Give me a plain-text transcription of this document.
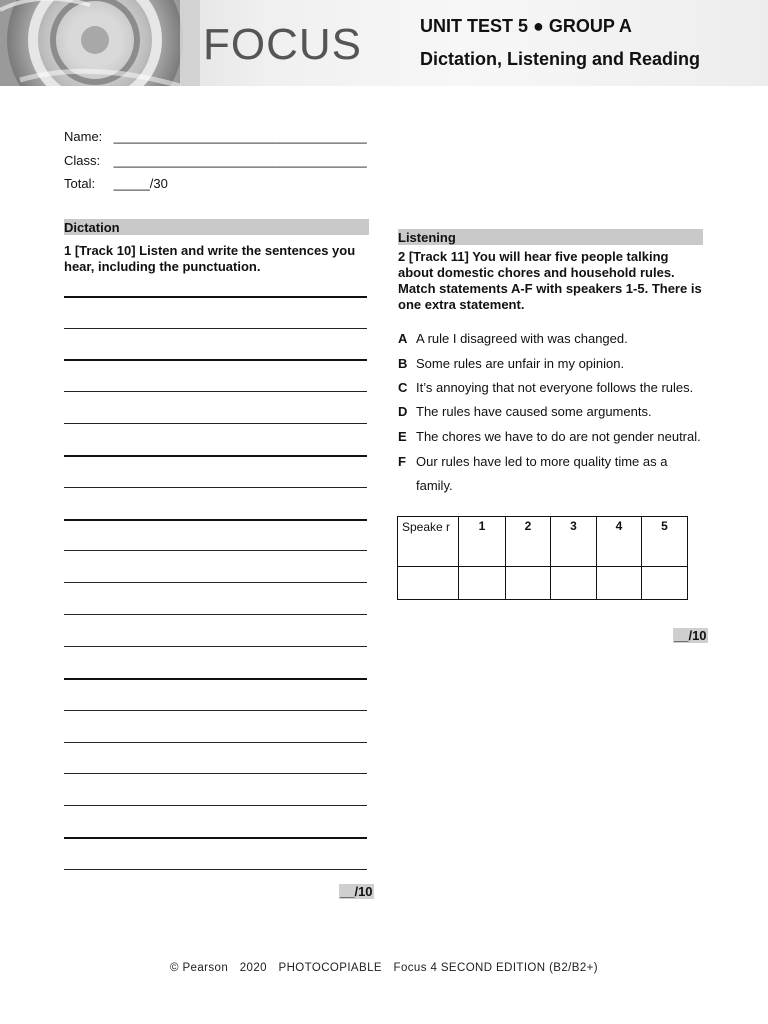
FOCUS	UNIT TEST 5 ● GROUP A
Dictation, Listening and Reading
Name: ___________________________________
Class: ___________________________________
Total: _____/30
Dictation
1 [Track 10] Listen and write the sentences you hear, including the punctuation.
__/10
Listening
2 [Track 11] You will hear five people talking about domestic chores and household rules. Match statements A-F with speakers 1-5. There is one extra statement.
A A rule I disagreed with was changed.
B Some rules are unfair in my opinion.
C It’s annoying that not everyone follows the rules.
D The rules have caused some arguments.
E The chores we have to do are not gender neutral.
F Our rules have led to more quality time as a family.
Speake r	1	2	3	4	5

__/10
© Pearson 2020 PHOTOCOPIABLE Focus 4 SECOND EDITION (B2/B2+)
